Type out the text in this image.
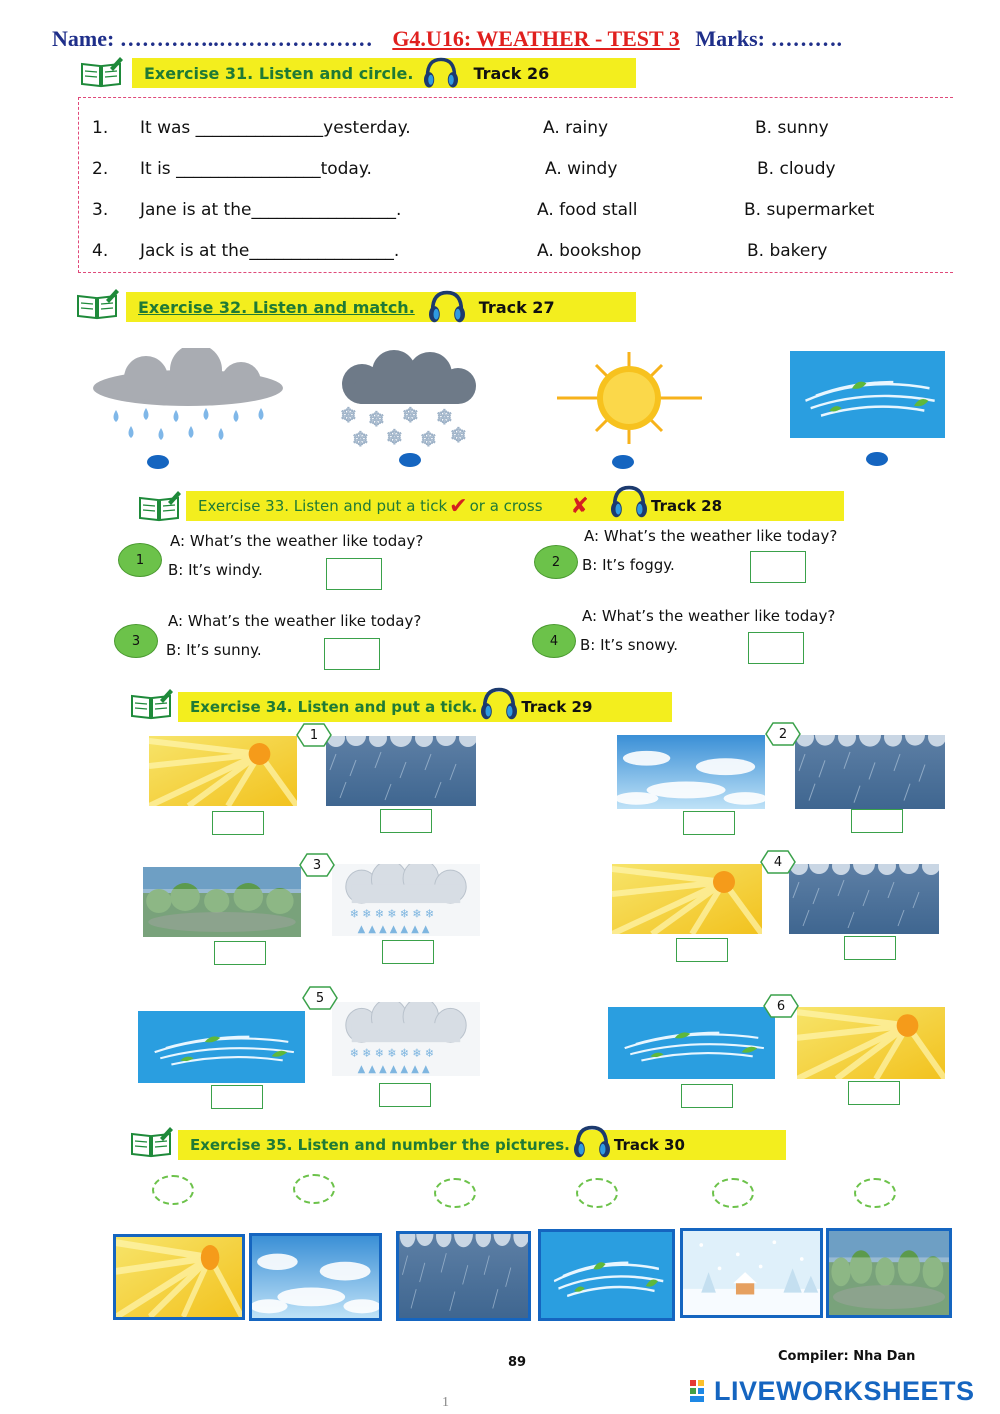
Name: …………..………………… G4.U16: WEATHER - TEST 3 Marks: ……….
Exercise 31. Listen and circle.	Track 26
1. It was _______________yesterday.	A. rainy	B. sunny
2. It is _________________today.	A. windy	B. cloudy
3. Jane is at the_________________.	A. food stall	B. supermarket
4. Jack is at the_________________.	A. bookshop	B. bakery
Exercise 32. Listen and match.	Track 27
❄ ❄ ❄ ❄
❄ ❄ ❄ ❄
Exercise 33. Listen and put a tick ✔ or a cross ✘	Track 28
1
A: What’s the weather like today?
B: It’s windy.	2
A: What’s the weather like today?
B: It’s foggy.
3
A: What’s the weather like today?
B: It’s sunny.	4
A: What’s the weather like today?
B: It’s snowy.
Exercise 34. Listen and put a tick.	Track 29
1	2
3	4
5
6
Exercise 35. Listen and number the pictures.	Track 30
89	Compiler: Nha Dan
LIVEWORKSHEETS
1
